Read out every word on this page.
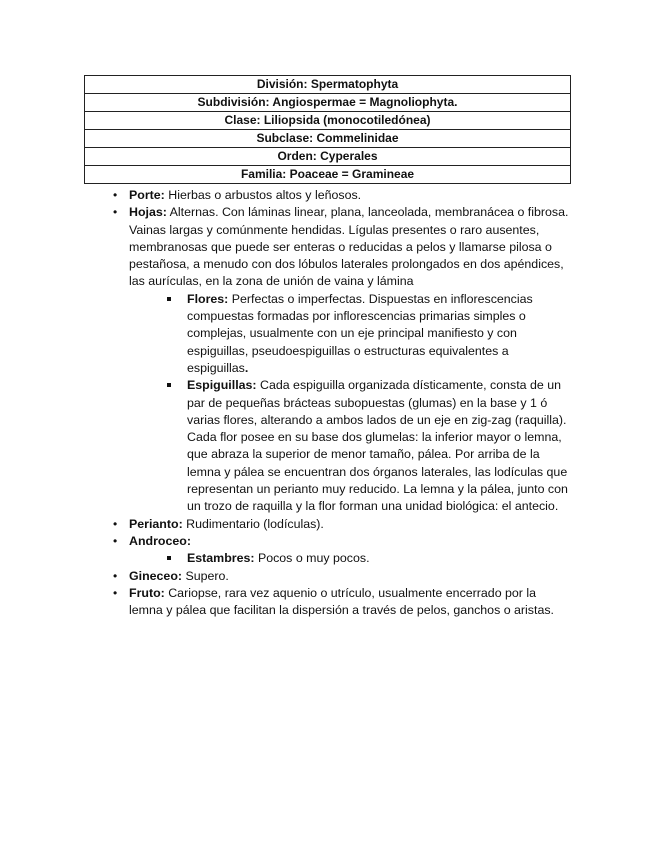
División: Spermatophyta
Subdivisión: Angiospermae = Magnoliophyta.
Clase: Liliopsida (monocotiledónea)
Subclase: Commelinidae
Orden: Cyperales
Familia: Poaceae = Gramineae
• Porte: Hierbas o arbustos altos y leñosos.
• Hojas: Alternas. Con láminas linear, plana, lanceolada, membranácea o fibrosa. Vainas largas y comúnmente hendidas. Lígulas presentes o raro ausentes, membranosas que puede ser enteras o reducidas a pelos y llamarse pilosa o pestañosa, a menudo con dos lóbulos laterales prolongados en dos apéndices, las aurículas, en la zona de unión de vaina y lámina
Flores: Perfectas o imperfectas. Dispuestas en inflorescencias compuestas formadas por inflorescencias primarias simples o complejas, usualmente con un eje principal manifiesto y con espiguillas, pseudoespiguillas o estructuras equivalentes a espiguillas.
Espiguillas: Cada espiguilla organizada dísticamente, consta de un par de pequeñas brácteas subopuestas (glumas) en la base y 1 ó varias flores, alterando a ambos lados de un eje en zig-zag (raquilla). Cada flor posee en su base dos glumelas: la inferior mayor o lemna, que abraza la superior de menor tamaño, pálea. Por arriba de la lemna y pálea se encuentran dos órganos laterales, las lodículas que representan un perianto muy reducido. La lemna y la pálea, junto con un trozo de raquilla y la flor forman una unidad biológica: el antecio.
• Perianto: Rudimentario (lodículas).
• Androceo:
Estambres: Pocos o muy pocos.
• Gineceo: Supero.
• Fruto: Cariopse, rara vez aquenio o utrículo, usualmente encerrado por la lemna y pálea que facilitan la dispersión a través de pelos, ganchos o aristas.
